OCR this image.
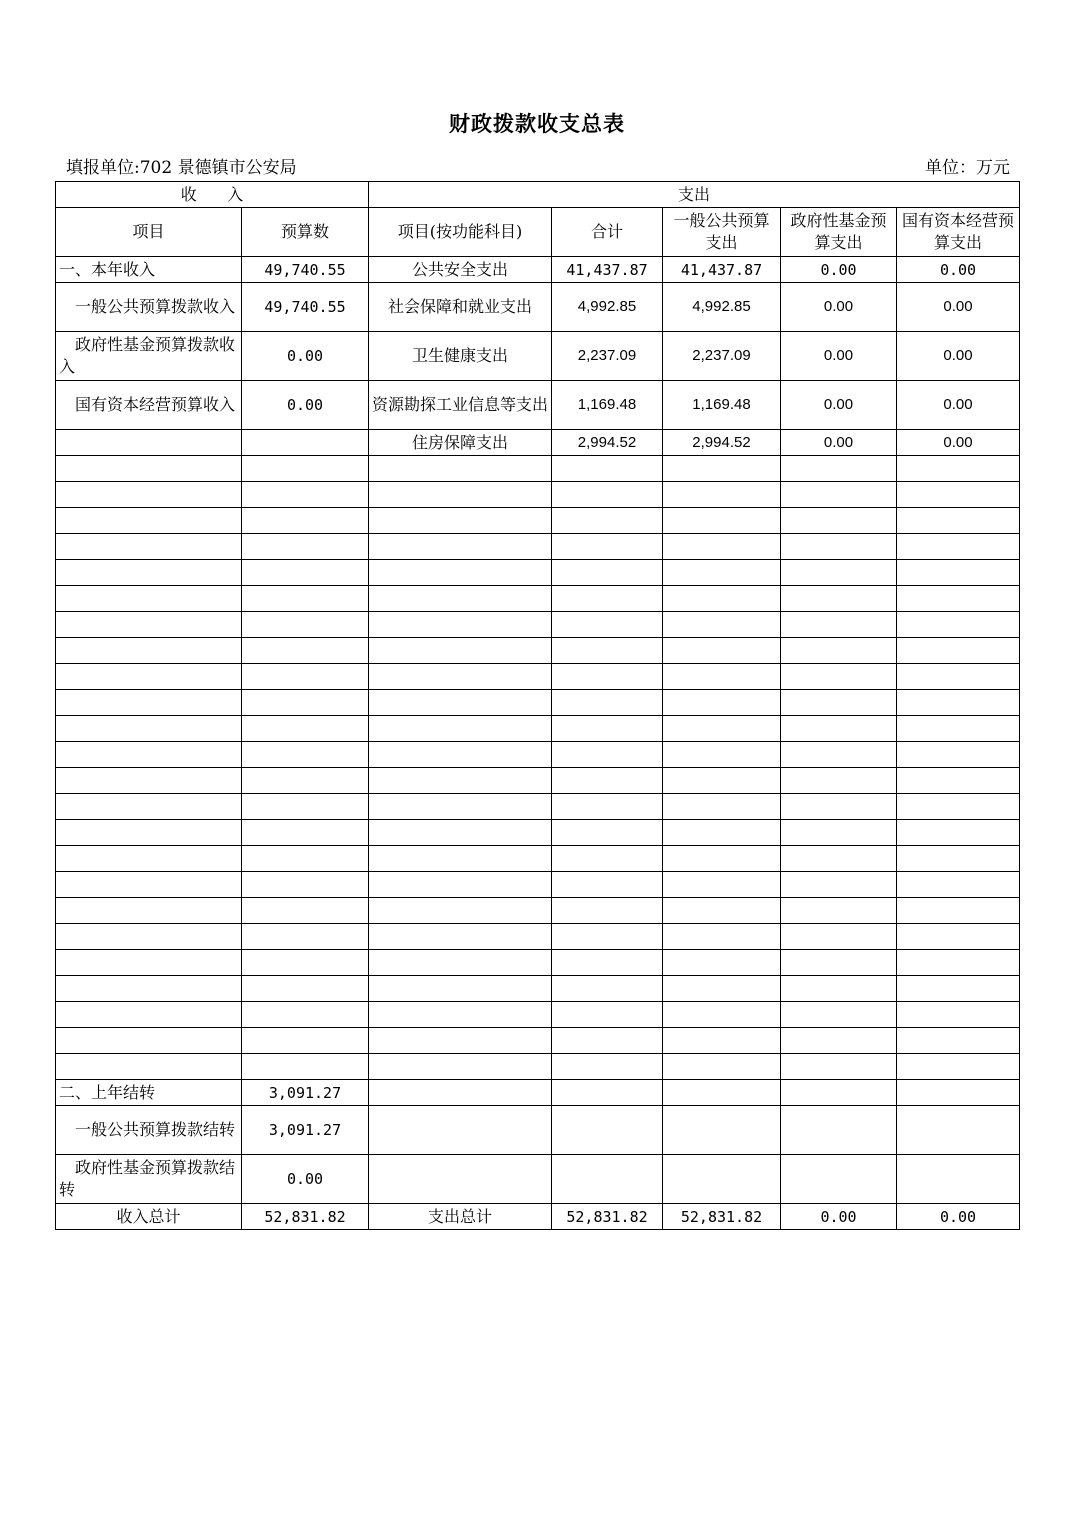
财政拨款收支总表
填报单位:702 景德镇市公安局	单位：万元
收      入		支出				
项目	预算数	项目(按功能科目)	合计	一般公共预算支出	政府性基金预算支出	国有资本经营预算支出
一、本年收入	49,740.55	公共安全支出	41,437.87	41,437.87	0.00	0.00
　一般公共预算拨款收入	49,740.55	社会保障和就业支出	4,992.85	4,992.85	0.00	0.00
　政府性基金预算拨款收入	0.00	卫生健康支出	2,237.09	2,237.09	0.00	0.00
　国有资本经营预算收入	0.00	资源勘探工业信息等支出	1,169.48	1,169.48	0.00	0.00
		住房保障支出	2,994.52	2,994.52	0.00	0.00

二、上年结转	3,091.27					
　一般公共预算拨款结转	3,091.27					
　政府性基金预算拨款结转	0.00					
收入总计	52,831.82	支出总计	52,831.82	52,831.82	0.00	0.00
